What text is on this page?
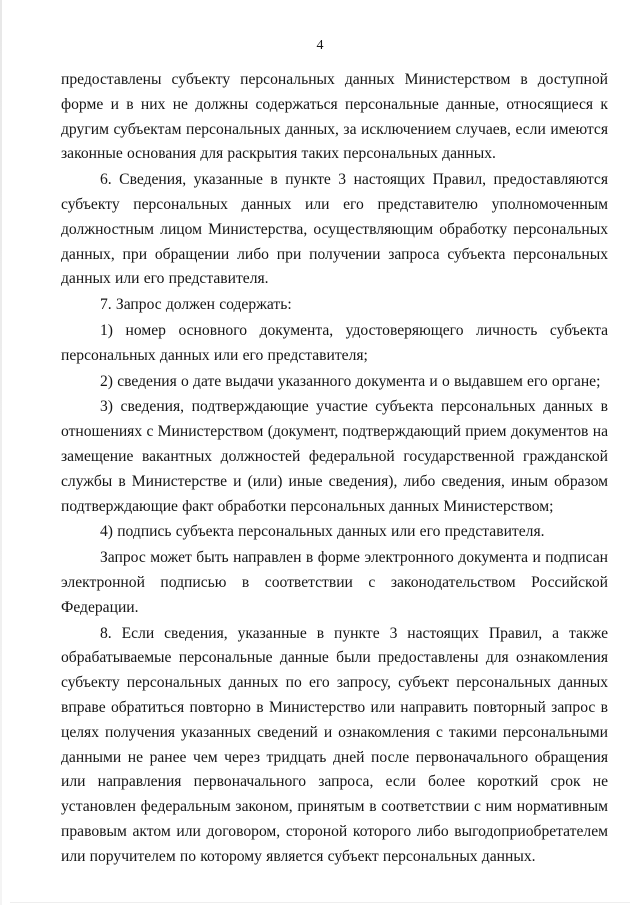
4

предоставлены субъекту персональных данных Министерством в доступной форме и в них не должны содержаться персональные данные, относящиеся к другим субъектам персональных данных, за исключением случаев, если имеются законные основания для раскрытия таких персональных данных.

6. Сведения, указанные в пункте 3 настоящих Правил, предоставляются субъекту персональных данных или его представителю уполномоченным должностным лицом Министерства, осуществляющим обработку персональных данных, при обращении либо при получении запроса субъекта персональных данных или его представителя.

7. Запрос должен содержать:

1) номер основного документа, удостоверяющего личность субъекта персональных данных или его представителя;

2) сведения о дате выдачи указанного документа и о выдавшем его органе;

3) сведения, подтверждающие участие субъекта персональных данных в отношениях с Министерством (документ, подтверждающий прием документов на замещение вакантных должностей федеральной государственной гражданской службы в Министерстве и (или) иные сведения), либо сведения, иным образом подтверждающие факт обработки персональных данных Министерством;

4) подпись субъекта персональных данных или его представителя.

Запрос может быть направлен в форме электронного документа и подписан электронной подписью в соответствии с законодательством Российской Федерации.

8. Если сведения, указанные в пункте 3 настоящих Правил, а также обрабатываемые персональные данные были предоставлены для ознакомления субъекту персональных данных по его запросу, субъект персональных данных вправе обратиться повторно в Министерство или направить повторный запрос в целях получения указанных сведений и ознакомления с такими персональными данными не ранее чем через тридцать дней после первоначального обращения или направления первоначального запроса, если более короткий срок не установлен федеральным законом, принятым в соответствии с ним нормативным правовым актом или договором, стороной которого либо выгодоприобретателем или поручителем по которому является субъект персональных данных.
